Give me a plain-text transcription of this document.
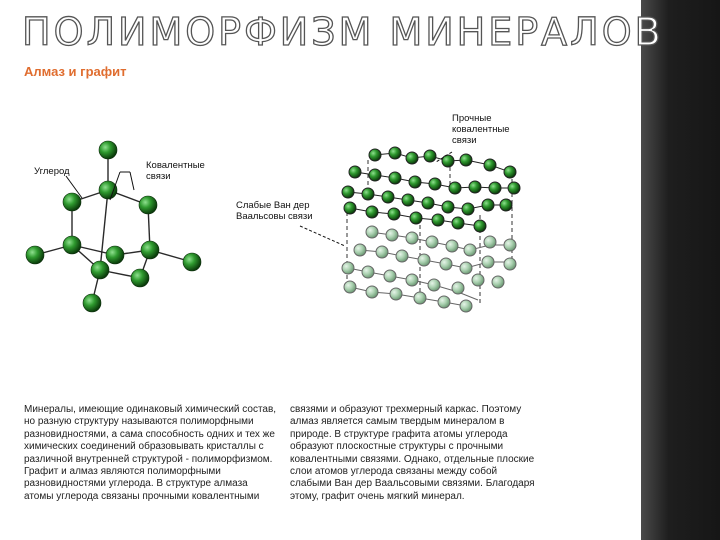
ПОЛИМОРФИЗМ МИНЕРАЛОВ
Алмаз и графит
Углерод
Ковалентные связи
Прочные ковалентные связи
Слабые Ван дер Ваальсовы связи

Минералы, имеющие одинаковый химический состав, но разную структуру называются полиморфными разновидностями, а сама способность одних и тех же химических соединений образовывать кристаллы с различной внутренней структурой - полиморфизмом. Графит и алмаз являются полиморфными разновидностями углерода. В структуре алмаза атомы углерода связаны прочными ковалентными

связями и образуют трехмерный каркас. Поэтому алмаз является самым твердым минералом в природе. В структуре графита атомы углерода образуют плоскостные структуры с прочными ковалентными связями. Однако, отдельные плоские слои атомов углерода связаны между собой слабыми Ван дер Ваальсовыми связями. Благодаря этому, графит очень мягкий минерал.
